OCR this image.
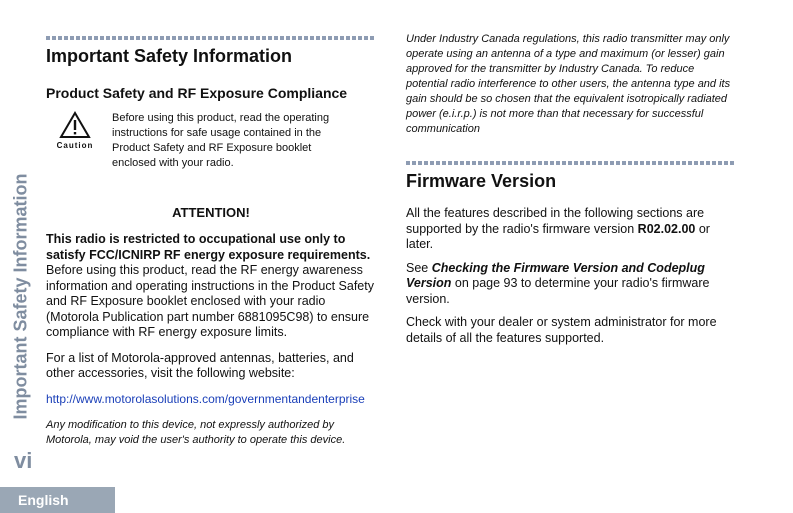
Important Safety Information
vi
English
Important Safety Information
Product Safety and RF Exposure Compliance
Caution
Before using this product, read the operating instructions for safe usage contained in the Product Safety and RF Exposure booklet enclosed with your radio.
ATTENTION!

This radio is restricted to occupational use only to satisfy FCC/ICNIRP RF energy exposure requirements. Before using this product, read the RF energy awareness information and operating instructions in the Product Safety and RF Exposure booklet enclosed with your radio (Motorola Publication part number 6881095C98) to ensure compliance with RF energy exposure limits.

For a list of Motorola-approved antennas, batteries, and other accessories, visit the following website:

http://www.motorolasolutions.com/governmentandenterprise

Any modification to this device, not expressly authorized by Motorola, may void the user's authority to operate this device.

Under Industry Canada regulations, this radio transmitter may only operate using an antenna of a type and maximum (or lesser) gain approved for the transmitter by Industry Canada. To reduce potential radio interference to other users, the antenna type and its gain should be so chosen that the equivalent isotropically radiated power (e.i.r.p.) is not more than that necessary for successful communication

Firmware Version

All the features described in the following sections are supported by the radio's firmware version R02.02.00 or later.

See Checking the Firmware Version and Codeplug Version on page 93 to determine your radio's firmware version.

Check with your dealer or system administrator for more details of all the features supported.
